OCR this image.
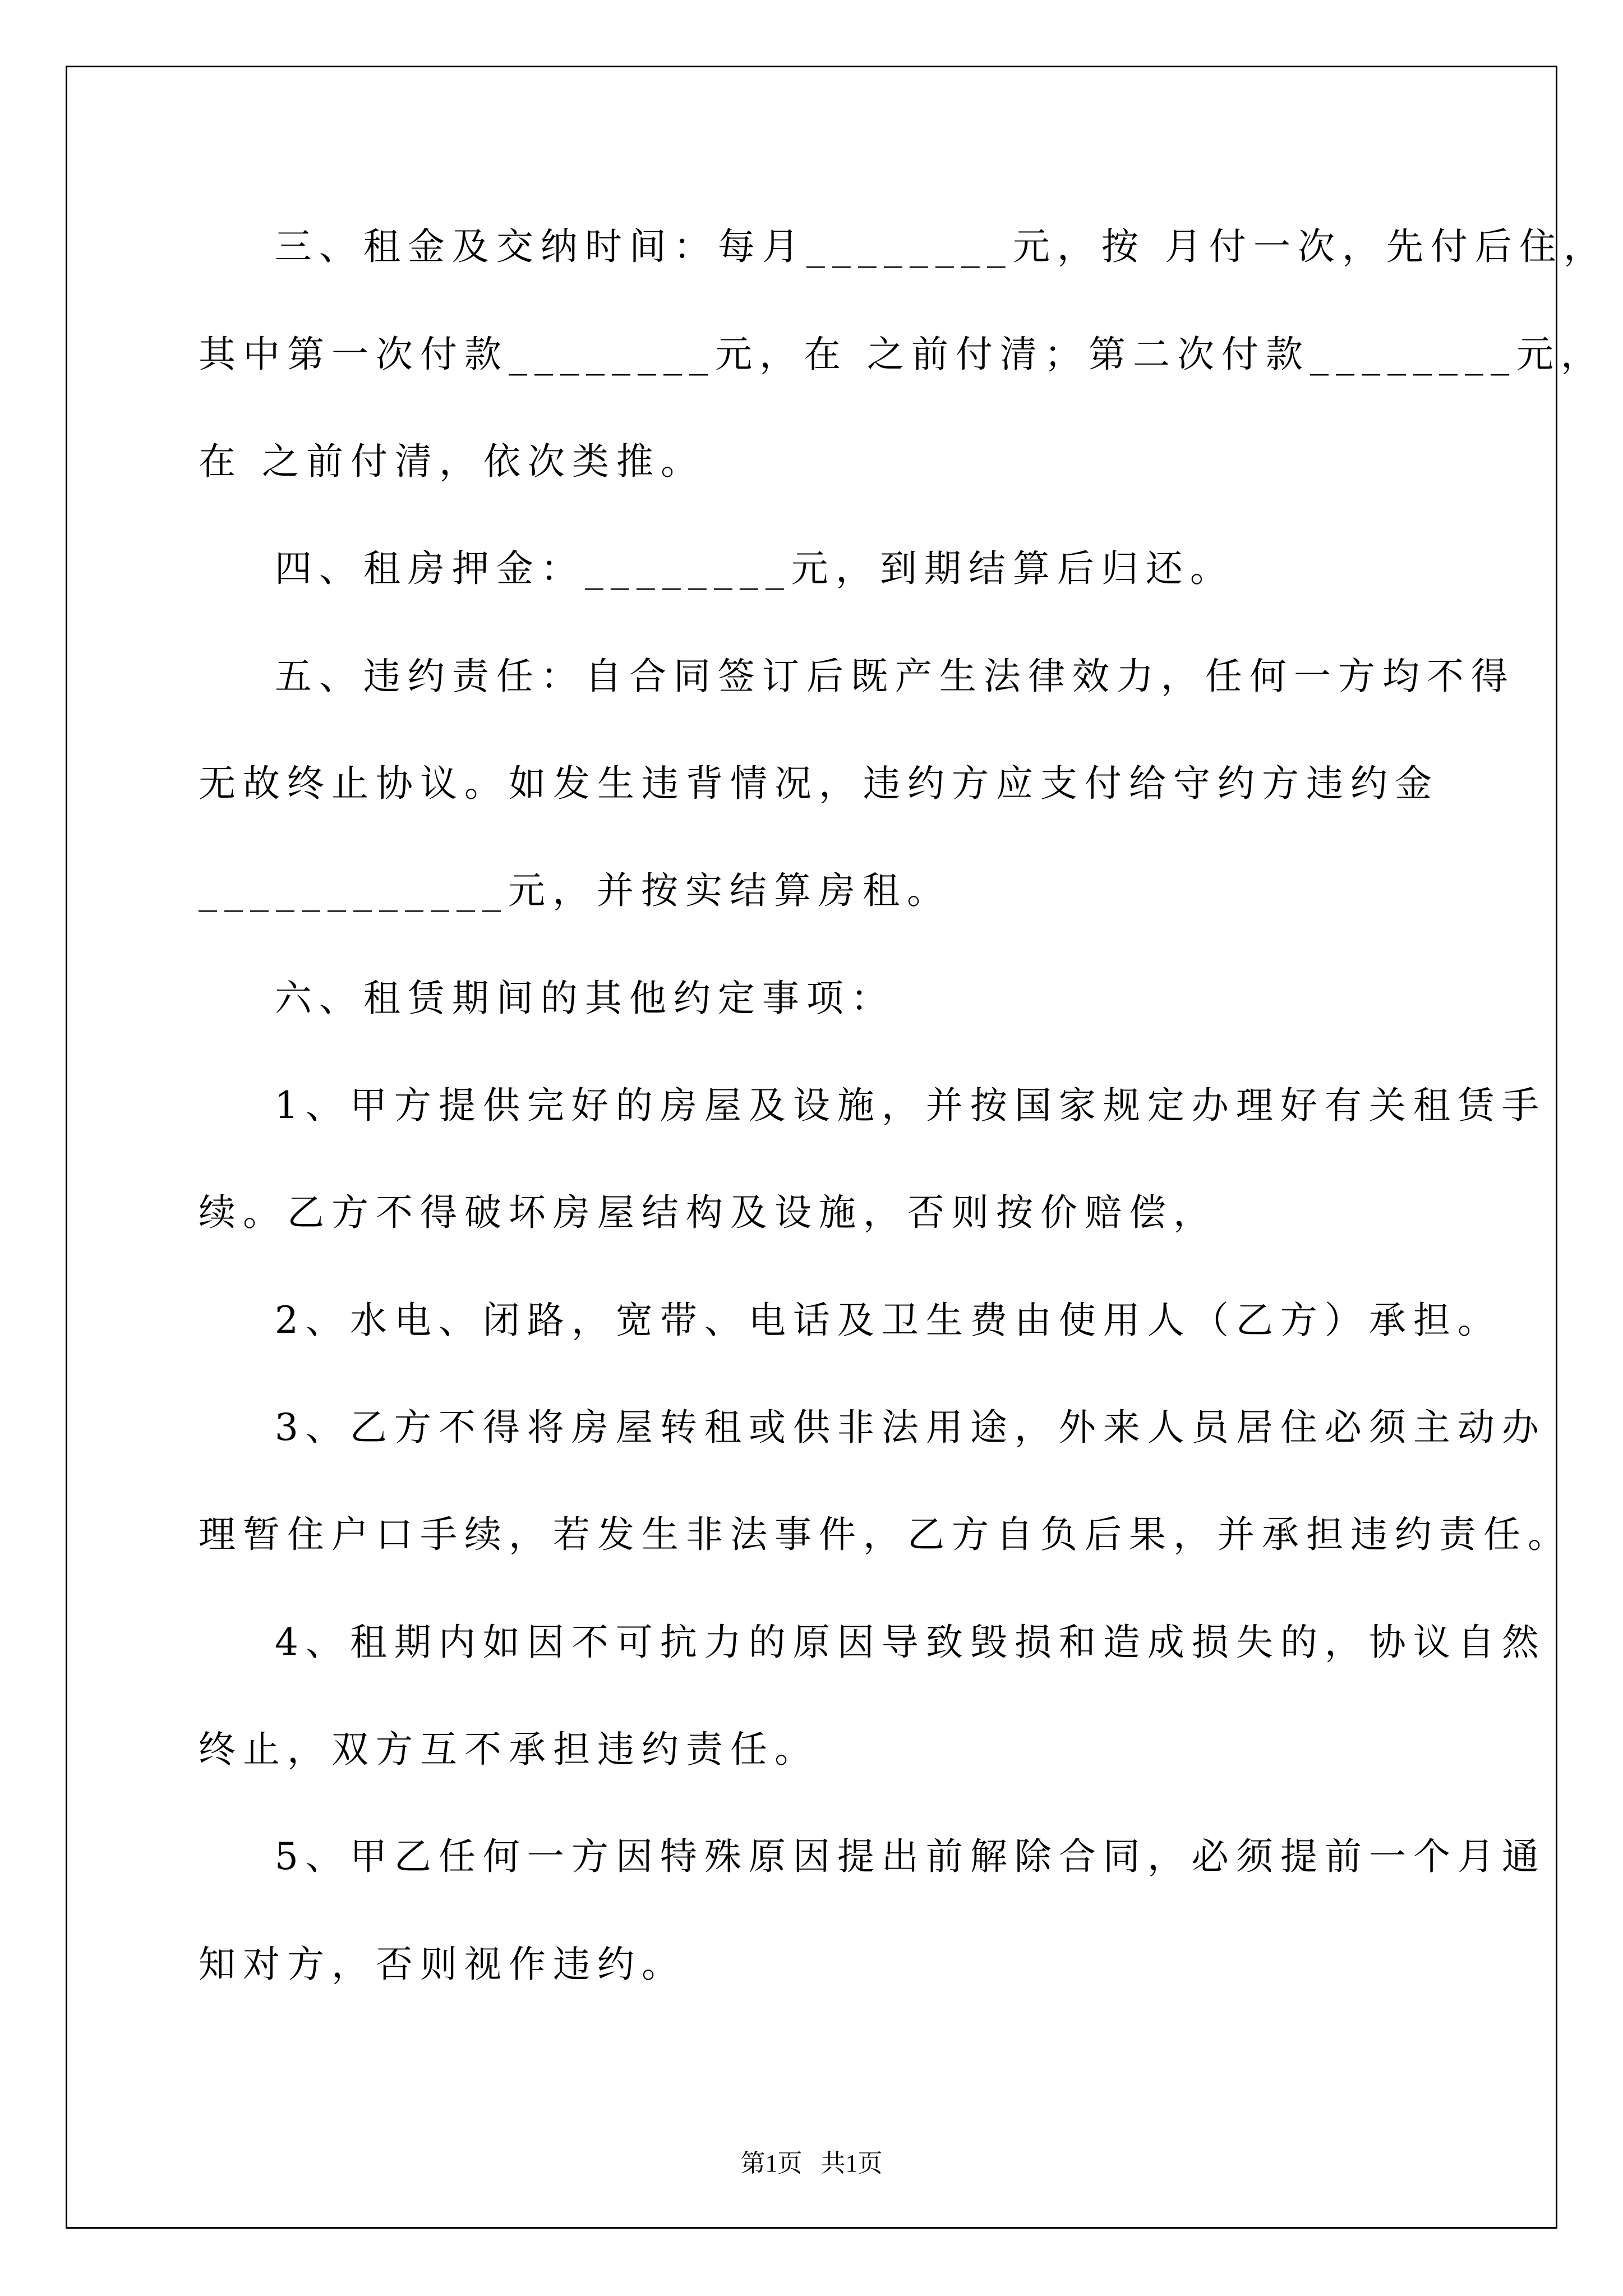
三、租金及交纳时间：每月________元，按 月付一次，先付后住，
其中第一次付款________元，在 之前付清；第二次付款________元，
在 之前付清，依次类推。
四、租房押金：________元，到期结算后归还。
五、违约责任：自合同签订后既产生法律效力，任何一方均不得
无故终止协议。如发生违背情况，违约方应支付给守约方违约金
____________元，并按实结算房租。
六、租赁期间的其他约定事项：
1、甲方提供完好的房屋及设施，并按国家规定办理好有关租赁手
续。乙方不得破坏房屋结构及设施，否则按价赔偿，
2、水电、闭路，宽带、电话及卫生费由使用人（乙方）承担。
3、乙方不得将房屋转租或供非法用途，外来人员居住必须主动办
理暂住户口手续，若发生非法事件，乙方自负后果，并承担违约责任。
4、租期内如因不可抗力的原因导致毁损和造成损失的，协议自然
终止，双方互不承担违约责任。
5、甲乙任何一方因特殊原因提出前解除合同，必须提前一个月通
知对方，否则视作违约。
第1页   共1页
